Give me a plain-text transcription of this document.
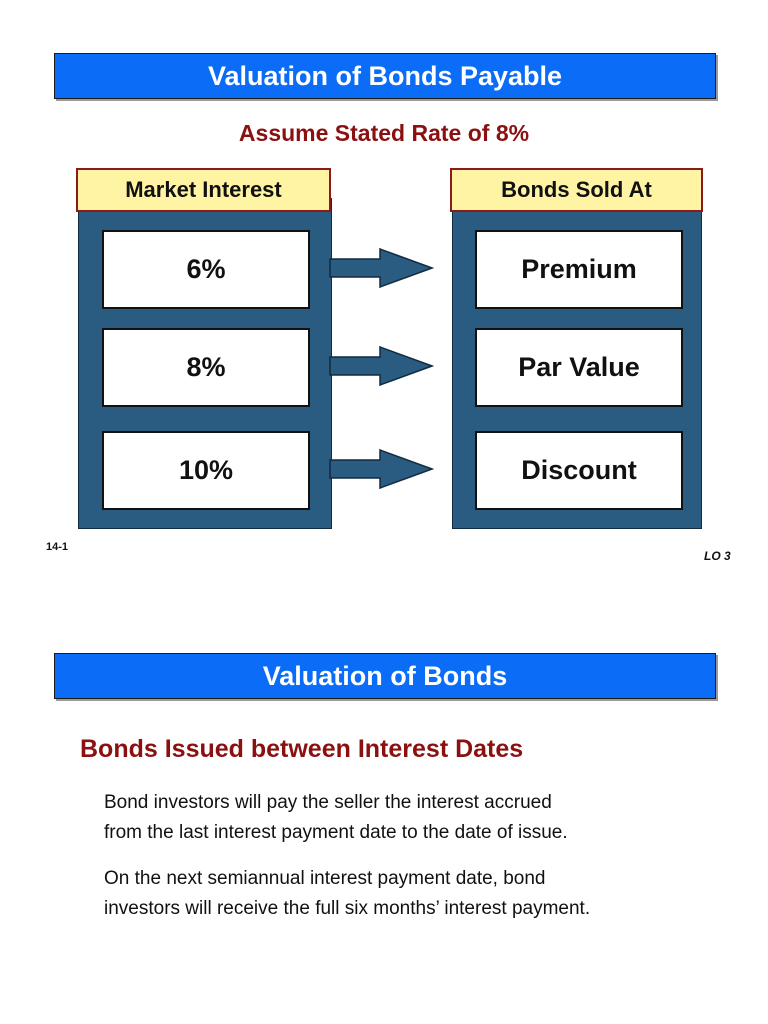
Valuation of Bonds Payable
Assume Stated Rate of 8%
Market Interest	Bonds Sold At
6%	Premium
8%	Par Value
10%	Discount
14-1
LO 3
Valuation of Bonds
Bonds Issued between Interest Dates
Bond investors will pay the seller the interest accrued
from the last interest payment date to the date of issue.
On the next semiannual interest payment date, bond
investors will receive the full six months’ interest payment.
